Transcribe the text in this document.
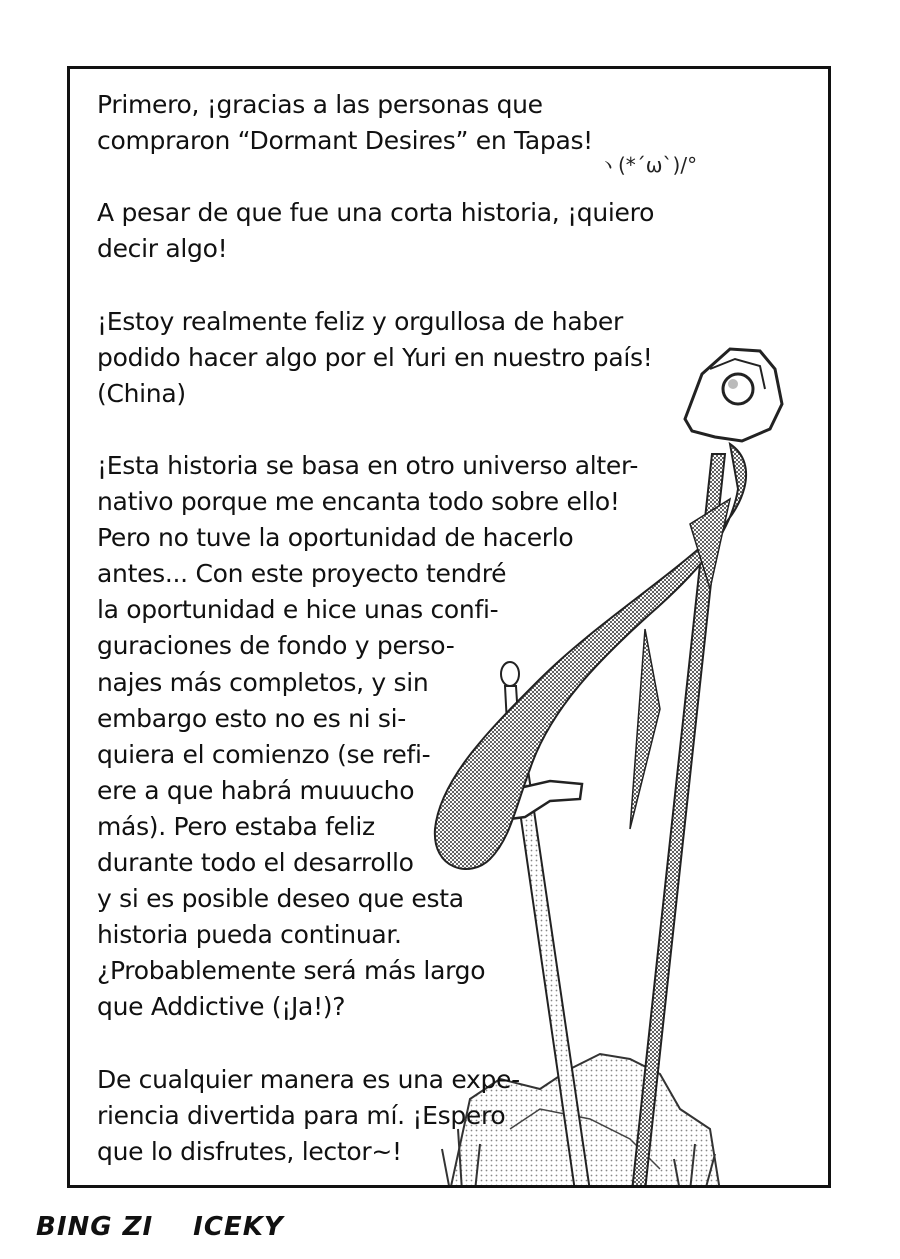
Primero, ¡gracias a las personas que
compraron “Dormant Desires” en Tapas!
A pesar de que fue una corta historia, ¡quiero
decir algo!
¡Estoy realmente feliz y orgullosa de haber
podido hacer algo por el Yuri en nuestro país!
(China)
¡Esta historia se basa en otro universo alter-
nativo porque me encanta todo sobre ello!
Pero no tuve la oportunidad de hacerlo
antes... Con este proyecto tendré
la oportunidad e hice unas confi-
guraciones de fondo y perso-
najes más completos, y sin
embargo esto no es ni si-
quiera el comienzo (se refi-
ere a que habrá muuucho
más). Pero estaba feliz
durante todo el desarrollo
y si es posible deseo que esta
historia pueda continuar.
¿Probablemente será más largo
que Addictive (¡Ja!)?
De cualquier manera es una expe-
riencia divertida para mí. ¡Espero
que lo disfrutes, lector~!
ヽ(*´ω`)/°
BING ZI ICEKY
